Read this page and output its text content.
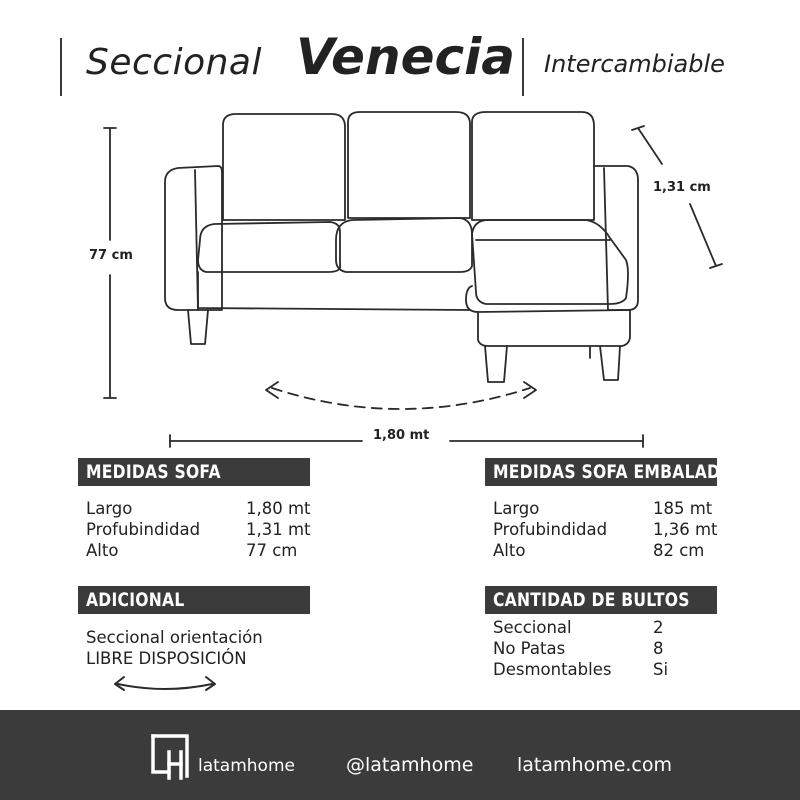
Seccional Venecia Intercambiable
77 cm
1,31 cm
1,80 mt
MEDIDAS SOFA
Largo	1,80 mt
Profubindidad	1,31 mt
Alto	77 cm
MEDIDAS SOFA EMBALADO
Largo	185 mt
Profubindidad	1,36 mt
Alto	82 cm
ADICIONAL
Seccional orientación
LIBRE DISPOSICIÓN
CANTIDAD DE BULTOS
Seccional	2
No Patas	8
Desmontables	Si
latamhome	@latamhome latamhome.com
